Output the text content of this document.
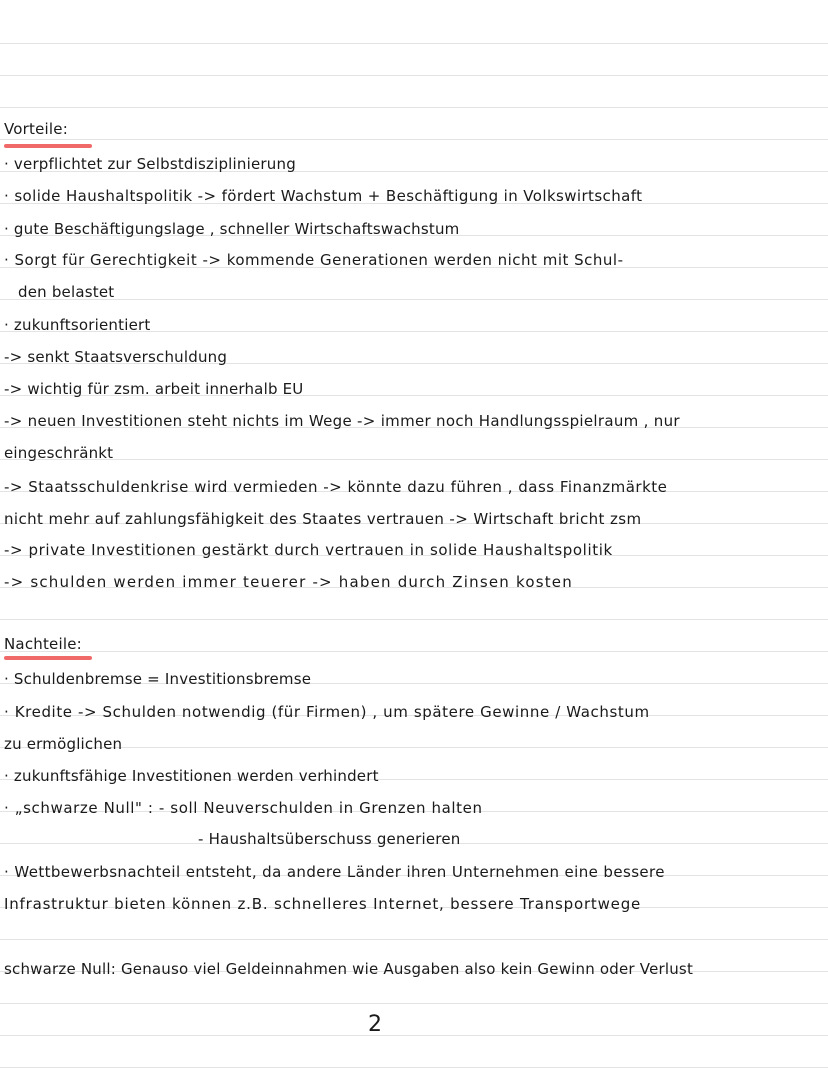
Vorteile:
· verpflichtet zur Selbstdisziplinierung
· solide Haushaltspolitik -> fördert Wachstum + Beschäftigung in Volkswirtschaft
· gute Beschäftigungslage , schneller Wirtschaftswachstum
· Sorgt für Gerechtigkeit -> kommende Generationen werden nicht mit Schul-
den belastet
· zukunftsorientiert
-> senkt Staatsverschuldung
-> wichtig für zsm. arbeit innerhalb EU
-> neuen Investitionen steht nichts im Wege -> immer noch Handlungsspielraum , nur
eingeschränkt
-> Staatsschuldenkrise wird vermieden -> könnte dazu führen , dass Finanzmärkte
nicht mehr auf zahlungsfähigkeit des Staates vertrauen -> Wirtschaft bricht zsm
-> private Investitionen gestärkt durch vertrauen in solide Haushaltspolitik
-> schulden werden immer teuerer -> haben durch Zinsen kosten
Nachteile:
· Schuldenbremse = Investitionsbremse
· Kredite -> Schulden notwendig (für Firmen) , um spätere Gewinne / Wachstum
zu ermöglichen
· zukunftsfähige Investitionen werden verhindert
· „schwarze Null" : - soll Neuverschulden in Grenzen halten
- Haushaltsüberschuss generieren
· Wettbewerbsnachteil entsteht, da andere Länder ihren Unternehmen eine bessere
Infrastruktur bieten können z.B. schnelleres Internet, bessere Transportwege
schwarze Null: Genauso viel Geldeinnahmen wie Ausgaben also kein Gewinn oder Verlust
2
